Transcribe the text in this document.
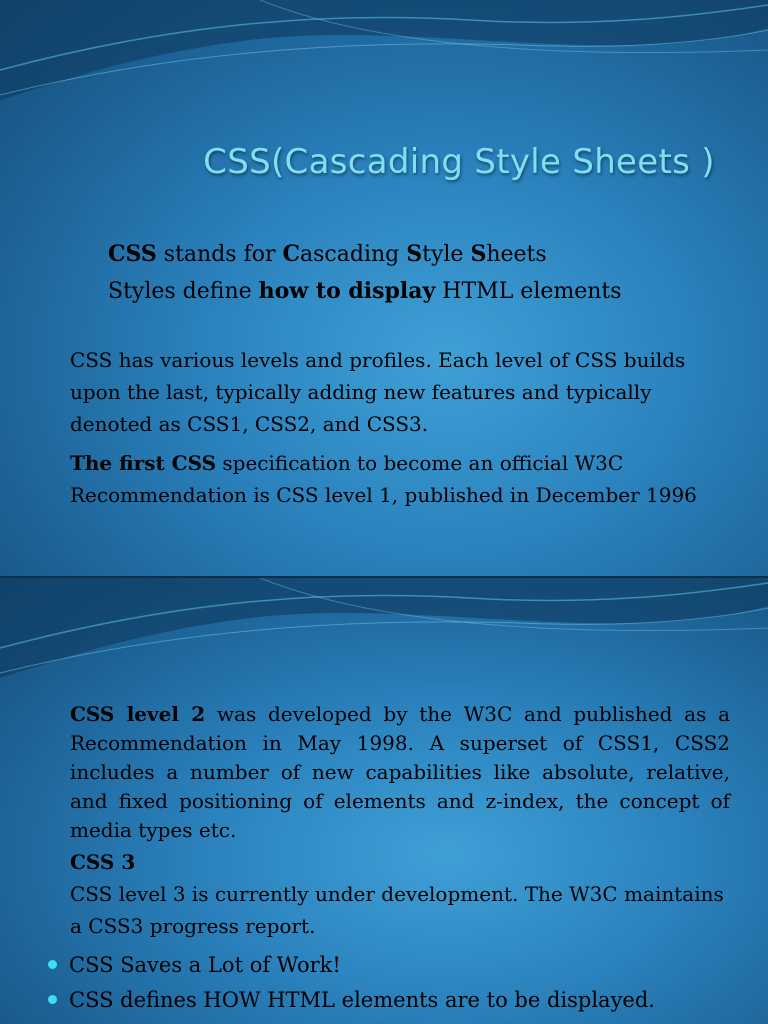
CSS(Cascading Style Sheets )
CSS stands for Cascading Style Sheets
Styles define how to display HTML elements

CSS has various levels and profiles. Each level of CSS builds upon the last, typically adding new features and typically denoted as CSS1, CSS2, and CSS3.

The first CSS specification to become an official W3C Recommendation is CSS level 1, published in December 1996

CSS level 2 was developed by the W3C and published as a Recommendation in May 1998. A superset of CSS1, CSS2 includes a number of new capabilities like absolute, relative, and fixed positioning of elements and z-index, the concept of media types etc.

CSS 3

CSS level 3 is currently under development. The W3C maintains a CSS3 progress report.

CSS Saves a Lot of Work!
CSS defines HOW HTML elements are to be displayed.
